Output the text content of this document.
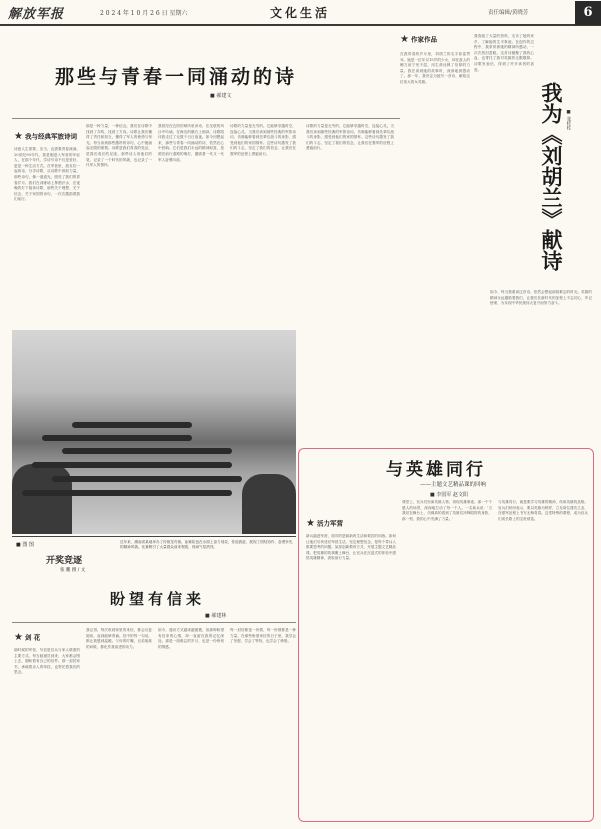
解放军报	2 0 2 4 年 1 0 月 2 6 日 星期六	文化生活	责任编辑/黄晓芳	6
那些与青春一同涌动的诗
■ 郝建文
★ 我与经典军旅诗词
诗意人生需要，应当，也需要青春流淌。20世纪90年代，我是刚进入军营的年轻人，在那个年代，学诗写诗不仅是爱好，更是一种生活方式。在军营里，战友们一起读诗，分享诗歌，从诗歌中汲取力量。那些诗句，像一道道光，照亮了我们的青春岁月。我们在训练场上挥洒汗水，在夜晚的灯下阅读诗歌，那些关于理想、关于信念、关于家国的诗句，一次次激励着我们前行。
那是一种力量，一种信念。我们在诗歌中找到了共鸣，找到了方向。诗歌让我们懂得了责任和担当，懂得了军人的使命与荣光。每当读到那些激昂的诗句，心中便涌起无限的豪情。诗歌是我们青春的见证，是我们成长的足迹。那些诗人用他们的笔，记录了一个时代的风貌，也记录了一代军人的情怀。
我曾经在边防的哨所里读诗，在戈壁的风沙中吟诵，在海岛的礁石上朗读。诗歌陪伴我走过了无数个日日夜夜。如今回想起来，那些与青春一同涌动的诗，依然在心中回响。它们是我们永远的精神财富，是照亮前行道路的明灯，激励着一代又一代军人奋勇向前。
诗歌的力量是无穷的。它能够穿越时空，连接心灵。当我们读到那些经典的军旅诗词，仿佛能够看到先辈们战斗的身影，感受到他们的家国情怀。这些诗句激发了我们的斗志，坚定了我们的信念，让我们在强军的征程上勇毅前行。
★ 作家作品
在我青春的岁月里，刘胡兰的名字如雷贯耳。她是一位年仅15岁的少女，却在敌人的铡刀前宁死不屈，用生命诠释了信仰的力量。我在读到她的故事时，深深地被感动了。那一年，我决定为她写一首诗，献给这位伟大的女英雄。
我查阅了大量的资料，走访了她的家乡，了解她的生平事迹。在创作的过程中，我常常被她的精神所感动，一次次热泪盈眶。这首诗凝聚了我的心血，也寄托了我对英雄的无限敬仰。诗歌发表后，得到了许多读者的喜爱。
我为《刘胡兰》献诗 ■ 张桂柱
如今，每当我重读这首诗，依然会想起那段难忘的时光。英雄的精神永远激励着我们，让我们在新时代的征程上不忘初心、牢记使命，为实现中华民族伟大复兴而努力奋斗。
诗歌的力量是无穷的。它能够穿越时空，连接心灵。当我们读到那些经典的军旅诗词，仿佛能够看到先辈们战斗的身影，感受到他们的家国情怀。这些诗句激发了我们的斗志，坚定了我们的信念，让我们在强军的征程上勇毅前行。
■ 图 图
开奖竞逐
张 鹏 摄 / 文
近年来，湖南省某地举办了传统龙舟赛，参赛队伍在水面上奋力划桨，你追我赶，展现了团结协作、奋勇争先的精神风貌。比赛吸引了大量群众前来观看，现场气氛热烈。
盼望有信来
■ 郝建林
★ 剑 花
那时候的军营，写信是官兵与家人联系的主要方式。每当邮递员到来，大家都会围上去，期盼着有自己的信件。那一封封家书，承载着亲人的牵挂，也寄托着我们的思念。
我记得，每次收到家里的来信，都会反复阅读，直到能够背诵。信中的每一句话，都让我感到温暖。父母的叮嘱，兄弟姐妹的问候，都化作我前进的动力。
如今，通讯方式越来越便捷，但那种盼望有信来的心情，却一直留在我的记忆深处。那是一段难忘的岁月，也是一份珍贵的情感。
每一封信都是一份情，每一份情都是一种力量。在那些盼望来信的日子里，我学会了坚强，学会了等待，也学会了珍惜。
与英雄同行
——主题文艺精品课的回响
■ 李国军 赵文阳
★ 活力军营
新兵踏进军营，面对的是崭新的生活和艰苦的训练。如何让他们尽快适应军营生活，坚定理想信念，是每个带兵人都要思考的问题。某部创新教育方式，开展主题文艺精品课，把英雄的故事搬上舞台，让官兵在沉浸式的体验中感悟英雄精神，汲取前行力量。
课堂上，官兵们扮演英雄人物，再现英雄事迹。那一个个感人的场景，深深地打动了每一个人。一名新兵说：'当我站在舞台上，仿佛真的看到了英雄们冲锋陷阵的身影，那一刻，我的心中充满了力量。'
与英雄同行，就是要学习英雄的精神，传承英雄的品格。官兵们纷纷表示，要以英雄为榜样，立足岗位建功立业，在强军征程上书写无悔青春。这堂特殊的课程，成为官兵们成长路上的宝贵财富。
